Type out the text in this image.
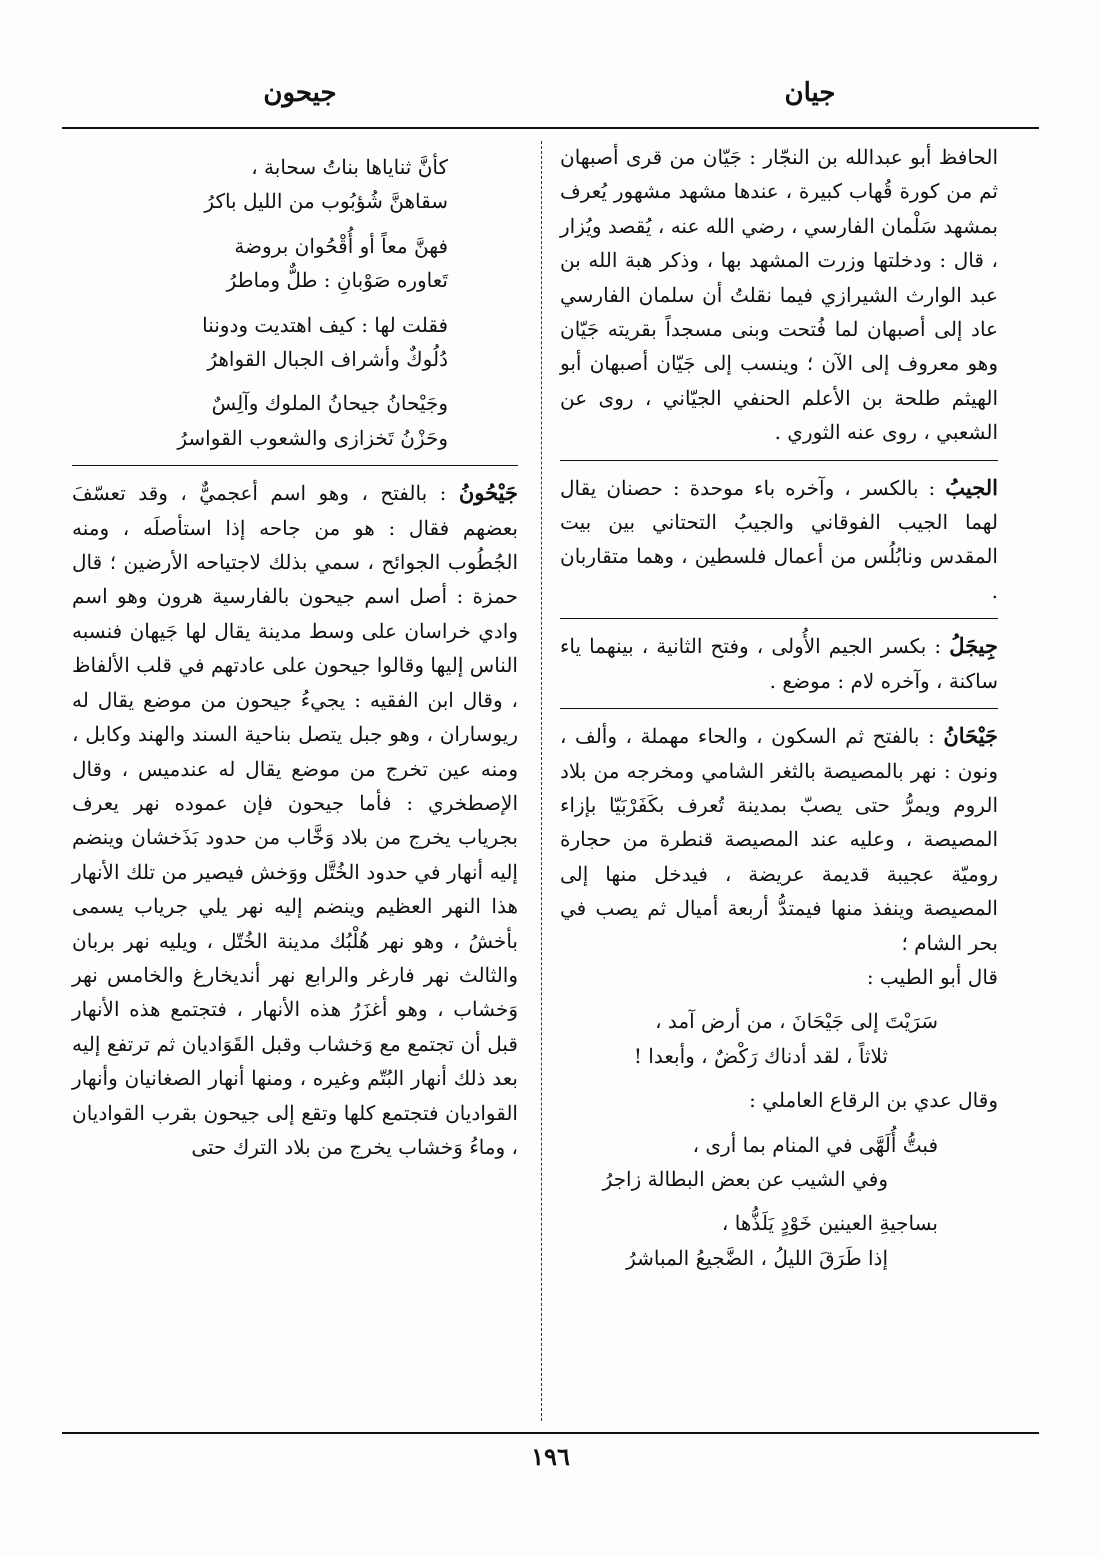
جيان
جيحون

الحافظ أبو عبدالله بن النجّار : جَيّان من قرى أصبهان ثم من كورة قُهاب كبيرة ، عندها مشهد مشهور يُعرف بمشهد سَلْمان الفارسي ، رضي الله عنه ، يُقصد ويُزار ، قال : ودخلتها وزرت المشهد بها ، وذكر هبة الله بن عبد الوارث الشيرازي فيما نقلتُ أن سلمان الفارسي عاد إلى أصبهان لما فُتحت وبنى مسجداً بقريته جَيّان وهو معروف إلى الآن ؛ وينسب إلى جَيّان أصبهان أبو الهيثم طلحة بن الأعلم الحنفي الجيّاني ، روى عن الشعبي ، روى عنه الثوري .

الجيبُ : بالكسر ، وآخره باء موحدة : حصنان يقال لهما الجيب الفوقاني والجيبُ التحتاني بين بيت المقدس ونابُلُس من أعمال فلسطين ، وهما متقاربان .

جِيجَلُ : بكسر الجيم الأُولى ، وفتح الثانية ، بينهما ياء ساكنة ، وآخره لام : موضع .

جَيْحَانُ : بالفتح ثم السكون ، والحاء مهملة ، وألف ، ونون : نهر بالمصيصة بالثغر الشامي ومخرجه من بلاد الروم ويمرُّ حتى يصبّ بمدينة تُعرف بكَفَرْبَيّا بإزاء المصيصة ، وعليه عند المصيصة قنطرة من حجارة روميّة عجيبة قديمة عريضة ، فيدخل منها إلى المصيصة وينفذ منها فيمتدُّ أربعة أميال ثم يصب في بحر الشام ؛

قال أبو الطيب :

سَرَيْتَ إلى جَيْحَانَ ، من أرض آمد ،
ثلاثاً ، لقد أدناك رَكْضٌ ، وأبعدا !

وقال عدي بن الرقاع العاملي :

فبتُّ أُلَهَّى في المنام بما أرى ،
وفي الشيب عن بعض البطالة زاجرُ
بساجيةِ العينين خَوْدٍ يَلَذُّها ،
إذا طَرَقَ الليلُ ، الضَّجيعُ المباشرُ
كأنَّ ثناياها بناتُ سحابة ،
سقاهنَّ شُؤبُوب من الليل باكرُ
فهنَّ معاً أو أُقْحُوان بروضة
تَعاوره صَوْبانِ : طلٌّ وماطرُ
فقلت لها : كيف اهتديت ودوننا
دُلُوكٌ وأشراف الجبال القواهرُ
وجَيْحانُ جيحانُ الملوك وآلِسٌ
وحَزْنُ تَخزازى والشعوب القواسرُ

جَيْحُونُ : بالفتح ، وهو اسم أعجميٌّ ، وقد تعسّفَ بعضهم فقال : هو من جاحه إذا استأصلَه ، ومنه الجُطُوب الجوائح ، سمي بذلك لاجتياحه الأرضين ؛ قال حمزة : أصل اسم جيحون بالفارسية هرون وهو اسم وادي خراسان على وسط مدينة يقال لها جَيهان فنسبه الناس إليها وقالوا جيحون على عادتهم في قلب الألفاظ ، وقال ابن الفقيه : يجيءُ جيحون من موضع يقال له ريوساران ، وهو جبل يتصل بناحية السند والهند وكابل ، ومنه عين تخرج من موضع يقال له عندميس ، وقال الإصطخري : فأما جيحون فإن عموده نهر يعرف بجرياب يخرج من بلاد وَخَّاب من حدود بَذَخشان وينضم إليه أنهار في حدود الخُتَّل ووَخش فيصير من تلك الأنهار هذا النهر العظيم وينضم إليه نهر يلي جرياب يسمى بأخشُ ، وهو نهر هُلْبُك مدينة الخُتّل ، ويليه نهر بربان والثالث نهر فارغر والرابع نهر أنديخارغ والخامس نهر وَخشاب ، وهو أغزَرُ هذه الأنهار ، فتجتمع هذه الأنهار قبل أن تجتمع مع وَخشاب وقبل القَوَاديان ثم ترتفع إليه بعد ذلك أنهار البُتّم وغيره ، ومنها أنهار الصغانيان وأنهار القواديان فتجتمع كلها وتقع إلى جيحون بقرب القواديان ، وماءُ وَخشاب يخرج من بلاد الترك حتى

١٩٦
